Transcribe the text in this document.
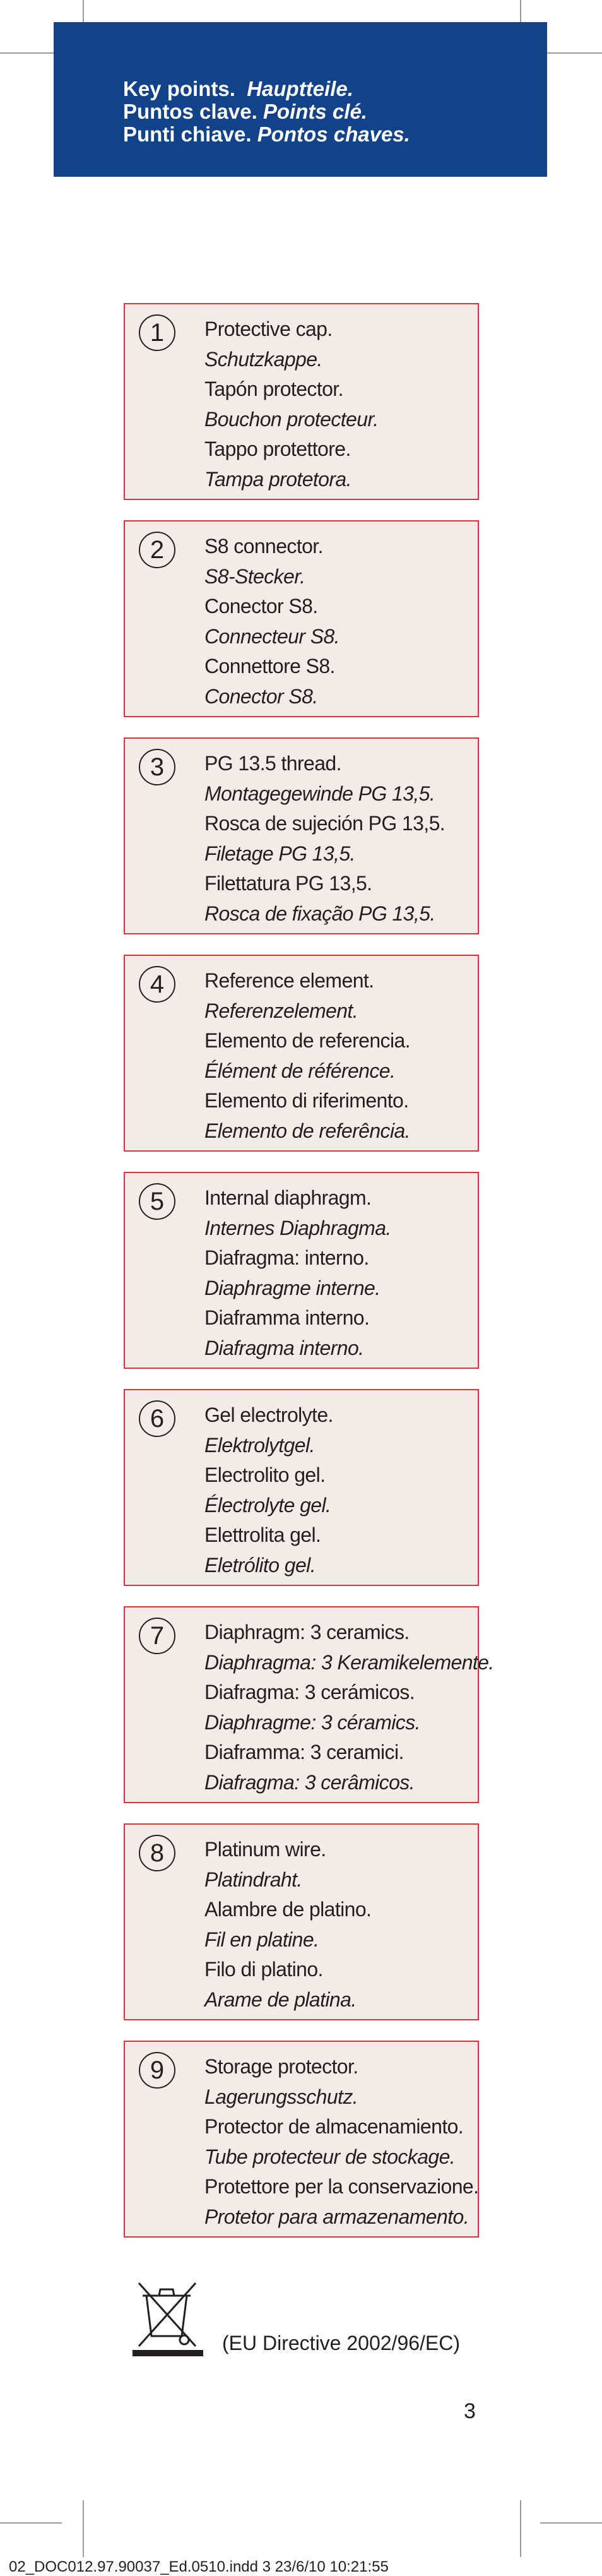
Key points. Hauptteile.
Puntos clave. Points clé.
Punti chiave. Pontos chaves.
1	Protective cap.
Schutzkappe.
Tapón protector.
Bouchon protecteur.
Tappo protettore.
Tampa protetora.
2	S8 connector.
S8-Stecker.
Conector S8.
Connecteur S8.
Connettore S8.
Conector S8.
3	PG 13.5 thread.
Montagegewinde PG 13,5.
Rosca de sujeción PG 13,5.
Filetage PG 13,5.
Filettatura PG 13,5.
Rosca de fixação PG 13,5.
4	Reference element.
Referenzelement.
Elemento de referencia.
Élément de référence.
Elemento di riferimento.
Elemento de referência.
5	Internal diaphragm.
Internes Diaphragma.
Diafragma: interno.
Diaphragme interne.
Diaframma interno.
Diafragma interno.
6	Gel electrolyte.
Elektrolytgel.
Electrolito gel.
Électrolyte gel.
Elettrolita gel.
Eletrólito gel.
7	Diaphragm: 3 ceramics.
Diaphragma: 3 Keramikelemente.
Diafragma: 3 cerámicos.
Diaphragme: 3 céramics.
Diaframma: 3 ceramici.
Diafragma: 3 cerâmicos.
8	Platinum wire.
Platindraht.
Alambre de platino.
Fil en platine.
Filo di platino.
Arame de platina.
9	Storage protector.
Lagerungsschutz.
Protector de almacenamiento.
Tube protecteur de stockage.
Protettore per la conservazione.
Protetor para armazenamento.
(EU Directive 2002/96/EC)
3
02_DOC012.97.90037_Ed.0510.indd 3 23/6/10 10:21:55
